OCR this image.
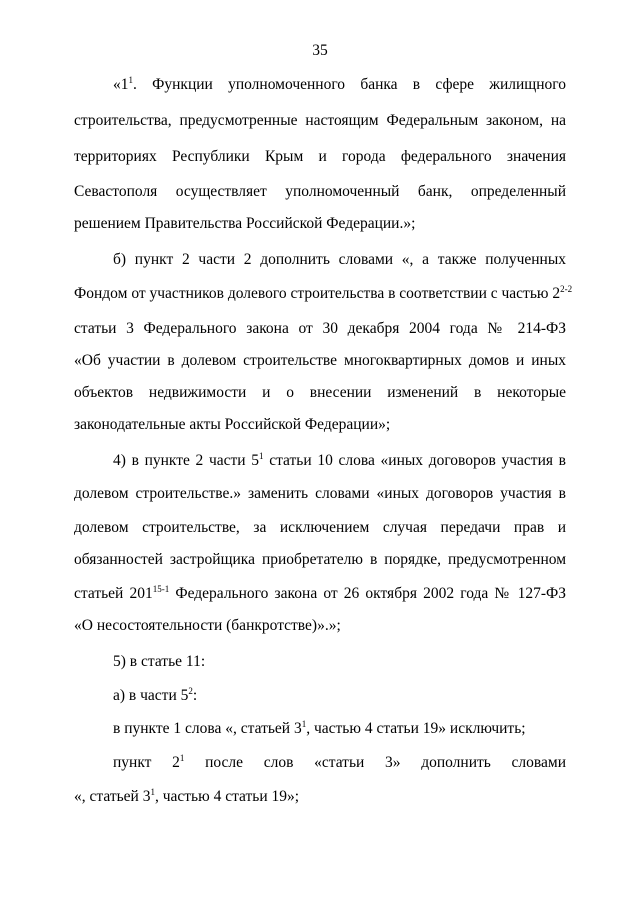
35
«$1^1$. Функции уполномоченного банка в сфере жилищного
строительства, предусмотренные настоящим Федеральным законом, на
территориях Республики Крым и города федерального значения
Севастополя осуществляет уполномоченный банк, определенный
решением Правительства Российской Федерации.»;
б) пункт 2 части 2 дополнить словами «, а также полученных
Фондом от участников долевого строительства в соответствии с частью 2$^{2-2}$
статьи 3 Федерального закона от 30 декабря 2004 года № 214-ФЗ
«Об участии в долевом строительстве многоквартирных домов и иных
объектов недвижимости и о внесении изменений в некоторые
законодательные акты Российской Федерации»;
4) в пункте 2 части $5^1$ статьи 10 слова «иных договоров участия в
долевом строительстве.» заменить словами «иных договоров участия в
долевом строительстве, за исключением случая передачи прав и
обязанностей застройщика приобретателю в порядке, предусмотренном
статьей 201$^{15-1}$ Федерального закона от 26 октября 2002 года № 127-ФЗ
«О несостоятельности (банкротстве)».»;
5) в статье 11:
а) в части $5^2$:
в пункте 1 слова «, статьей $3^1$, частью 4 статьи 19» исключить;
пункт $2^1$ после слов «статьи 3» дополнить словами
«, статьей $3^1$, частью 4 статьи 19»;
